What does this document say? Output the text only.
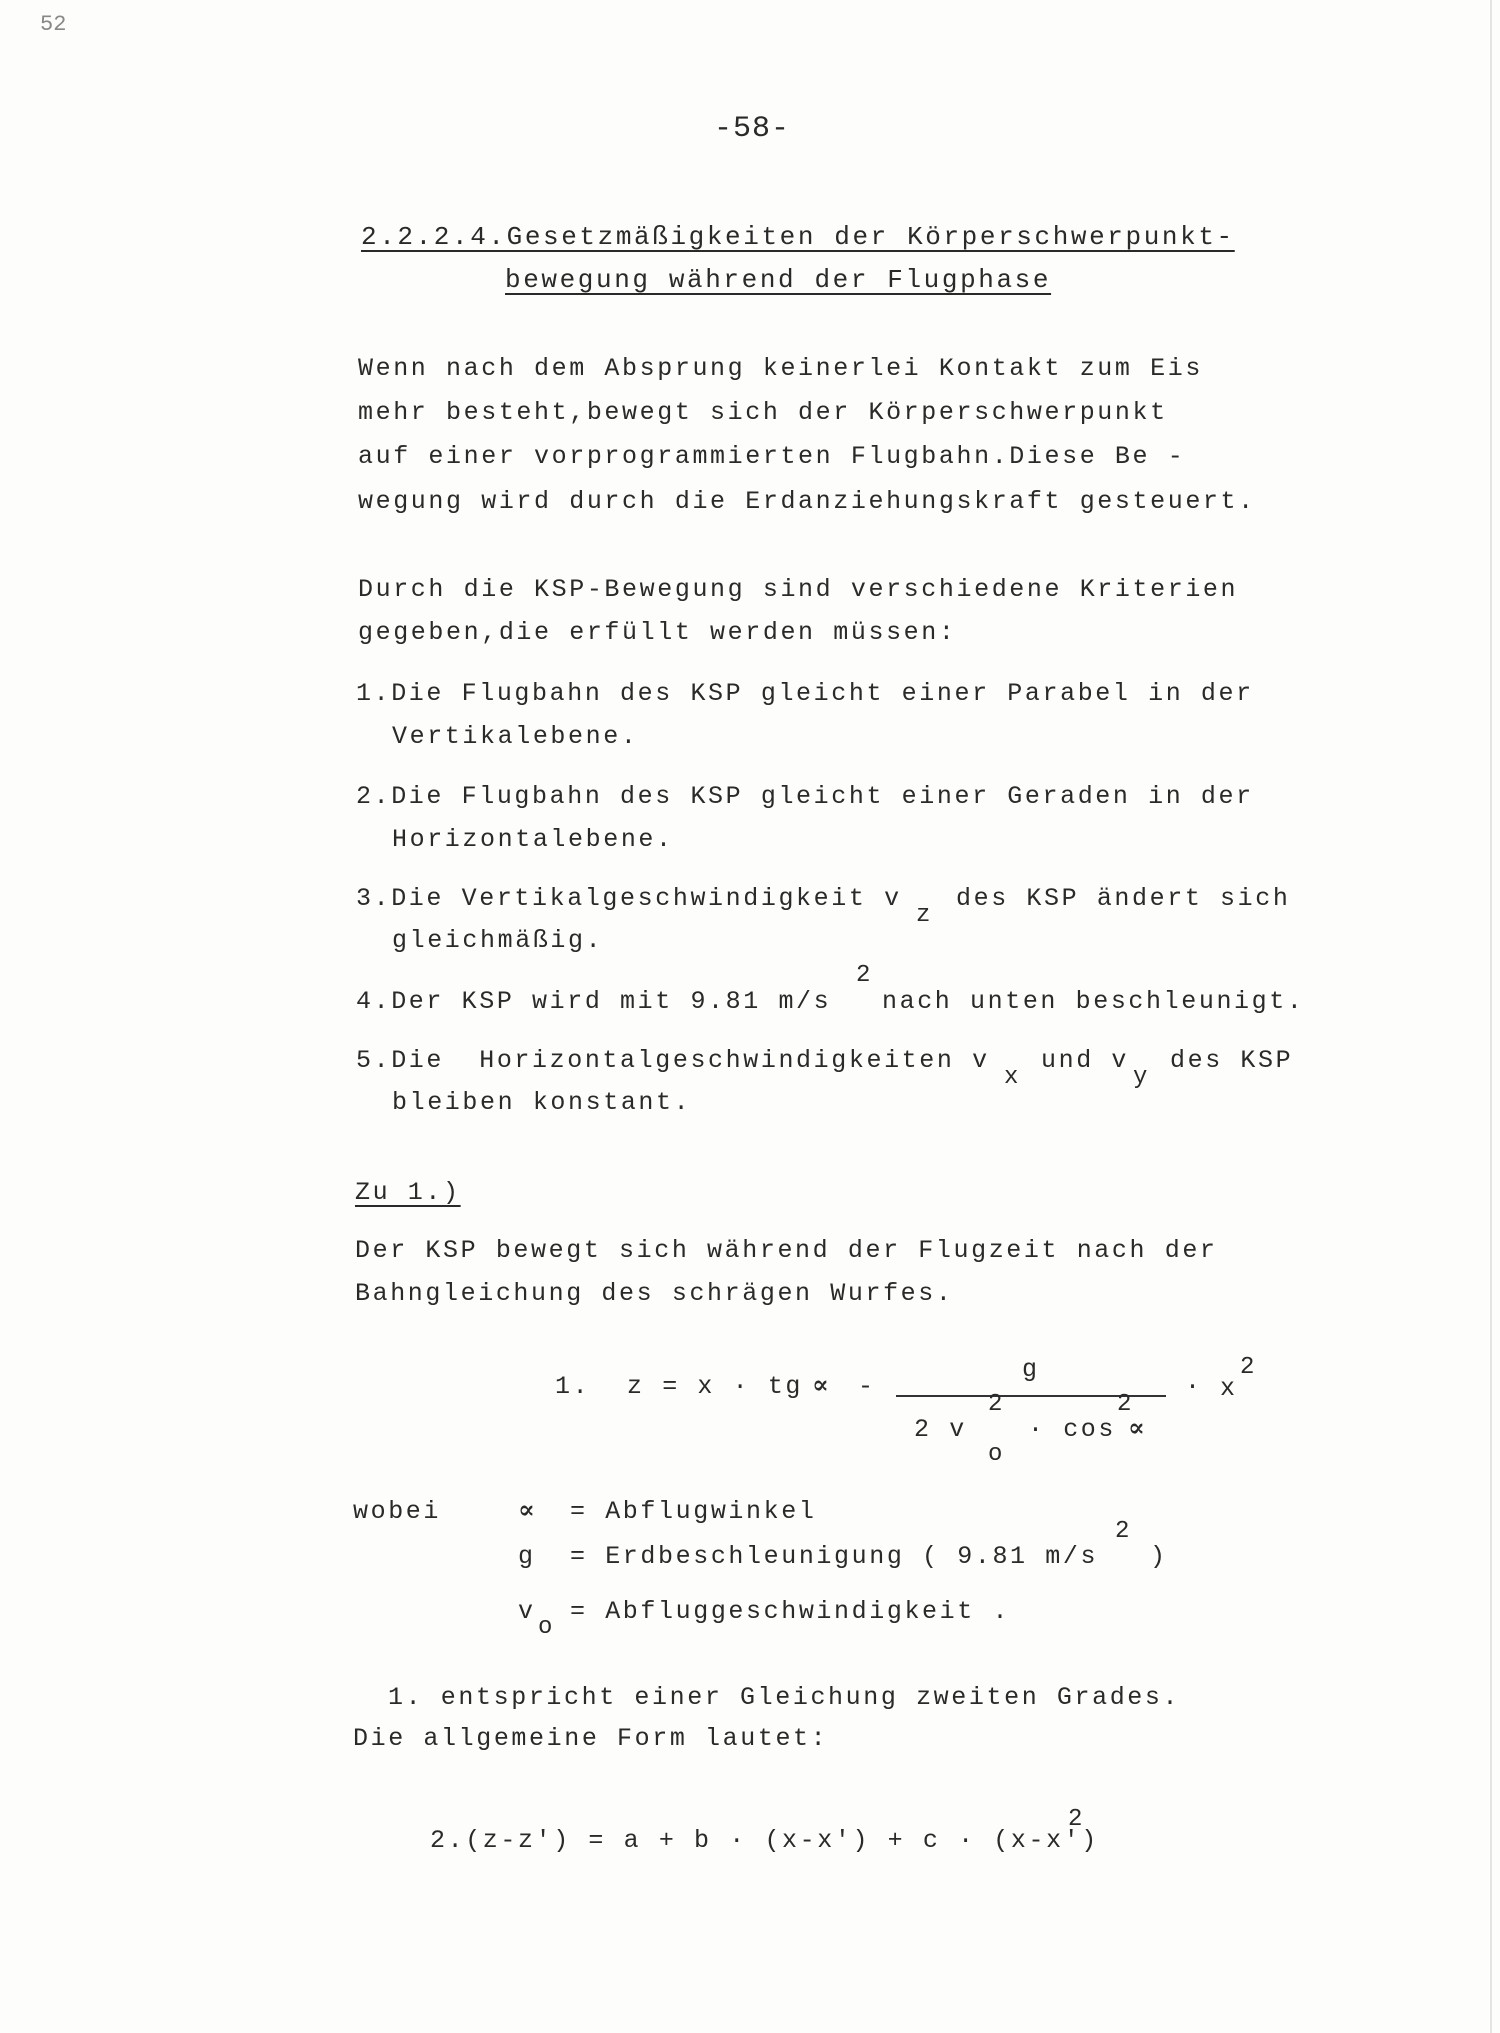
52
-58-
2.2.2.4.Gesetzmäßigkeiten der Körperschwerpunkt-
bewegung während der Flugphase
Wenn nach dem Absprung keinerlei Kontakt zum Eis
mehr besteht,bewegt sich der Körperschwerpunkt
auf einer vorprogrammierten Flugbahn.Diese Be -
wegung wird durch die Erdanziehungskraft gesteuert.
Durch die KSP-Bewegung sind verschiedene Kriterien
gegeben,die erfüllt werden müssen:
1.Die Flugbahn des KSP gleicht einer Parabel in der
Vertikalebene.
2.Die Flugbahn des KSP gleicht einer Geraden in der
Horizontalebene.
3.Die Vertikalgeschwindigkeit v
z
des KSP ändert sich
gleichmäßig.
4.Der KSP wird mit 9.81 m/s
2
nach unten beschleunigt.
5.Die  Horizontalgeschwindigkeiten v
x
und v
y
des KSP
bleiben konstant.
Zu 1.)
Der KSP bewegt sich während der Flugzeit nach der
Bahngleichung des schrägen Wurfes.
1. z = x · tg ∝ -
g
2 v
2
o
· cos
2
∝
· x
2
wobei	∝ = Abflugwinkel
g = Erdbeschleunigung ( 9.81 m/s
2
)
v
o
= Abfluggeschwindigkeit .
1. entspricht einer Gleichung zweiten Grades.
Die allgemeine Form lautet:
2.(z-z') = a + b · (x-x') + c · (x-x')
2
